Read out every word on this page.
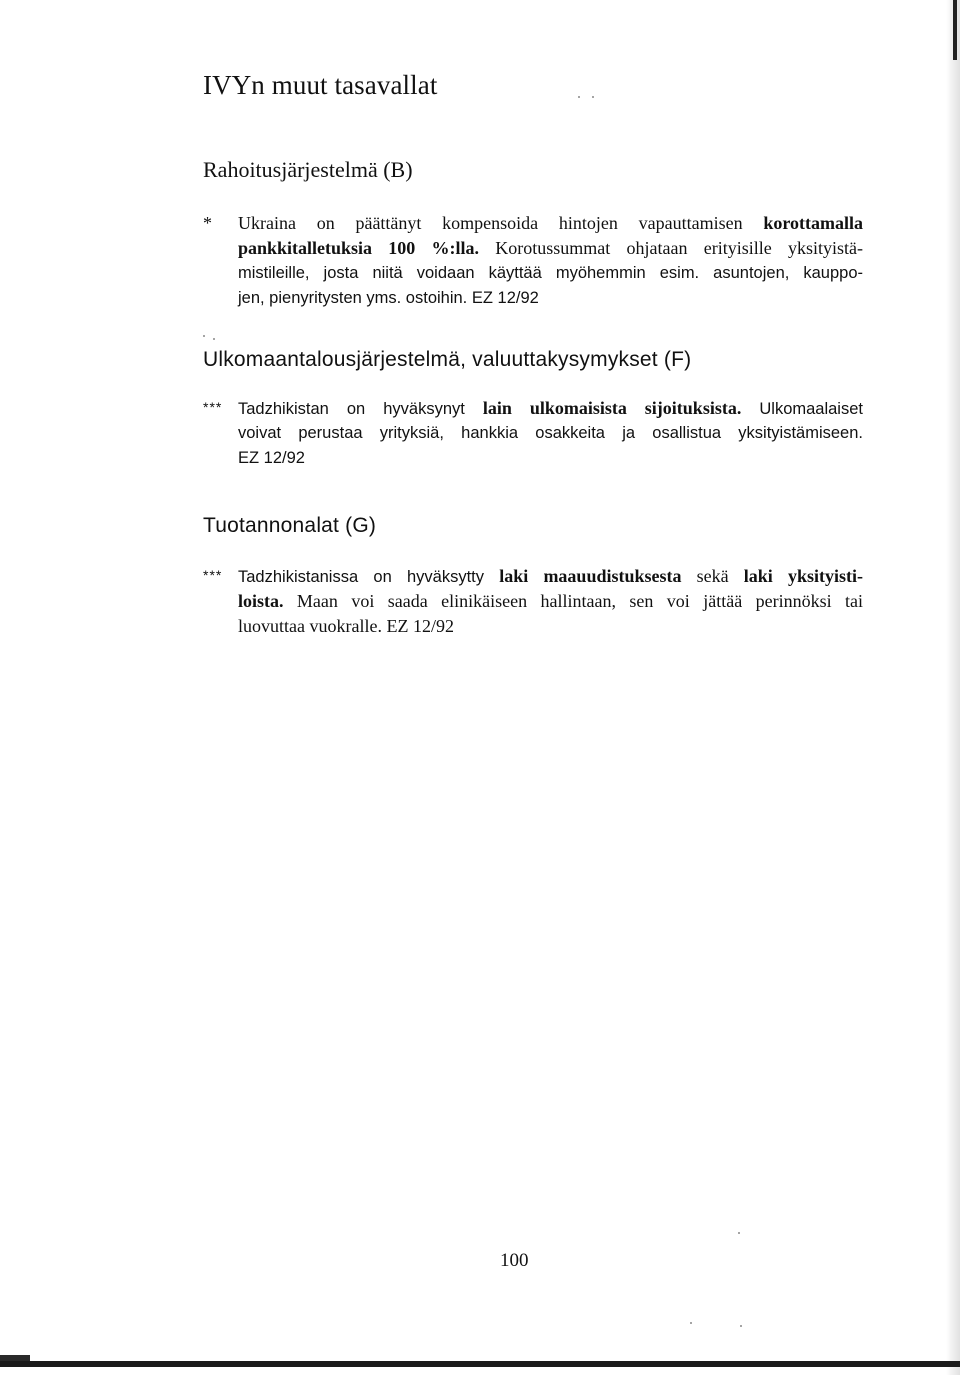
IVYn muut tasavallat
Rahoitusjärjestelmä (B)
*	Ukraina on päättänyt kompensoida hintojen vapauttamisen korottamalla
pankkitalletuksia 100 %:lla. Korotussummat ohjataan erityisille yksityistä-
mistileille, josta niitä voidaan käyttää myöhemmin esim. asuntojen, kauppo-
jen, pienyritysten yms. ostoihin. EZ 12/92
Ulkomaantalousjärjestelmä, valuuttakysymykset (F)
*** Tadzhikistan on hyväksynyt lain ulkomaisista sijoituksista. Ulkomaalaiset
voivat perustaa yrityksiä, hankkia osakkeita ja osallistua yksityistämiseen.
EZ 12/92
Tuotannonalat (G)
*** Tadzhikistanissa on hyväksytty laki maauudistuksesta sekä laki yksityisti-
loista. Maan voi saada elinikäiseen hallintaan, sen voi jättää perinnöksi tai
luovuttaa vuokralle. EZ 12/92
100
